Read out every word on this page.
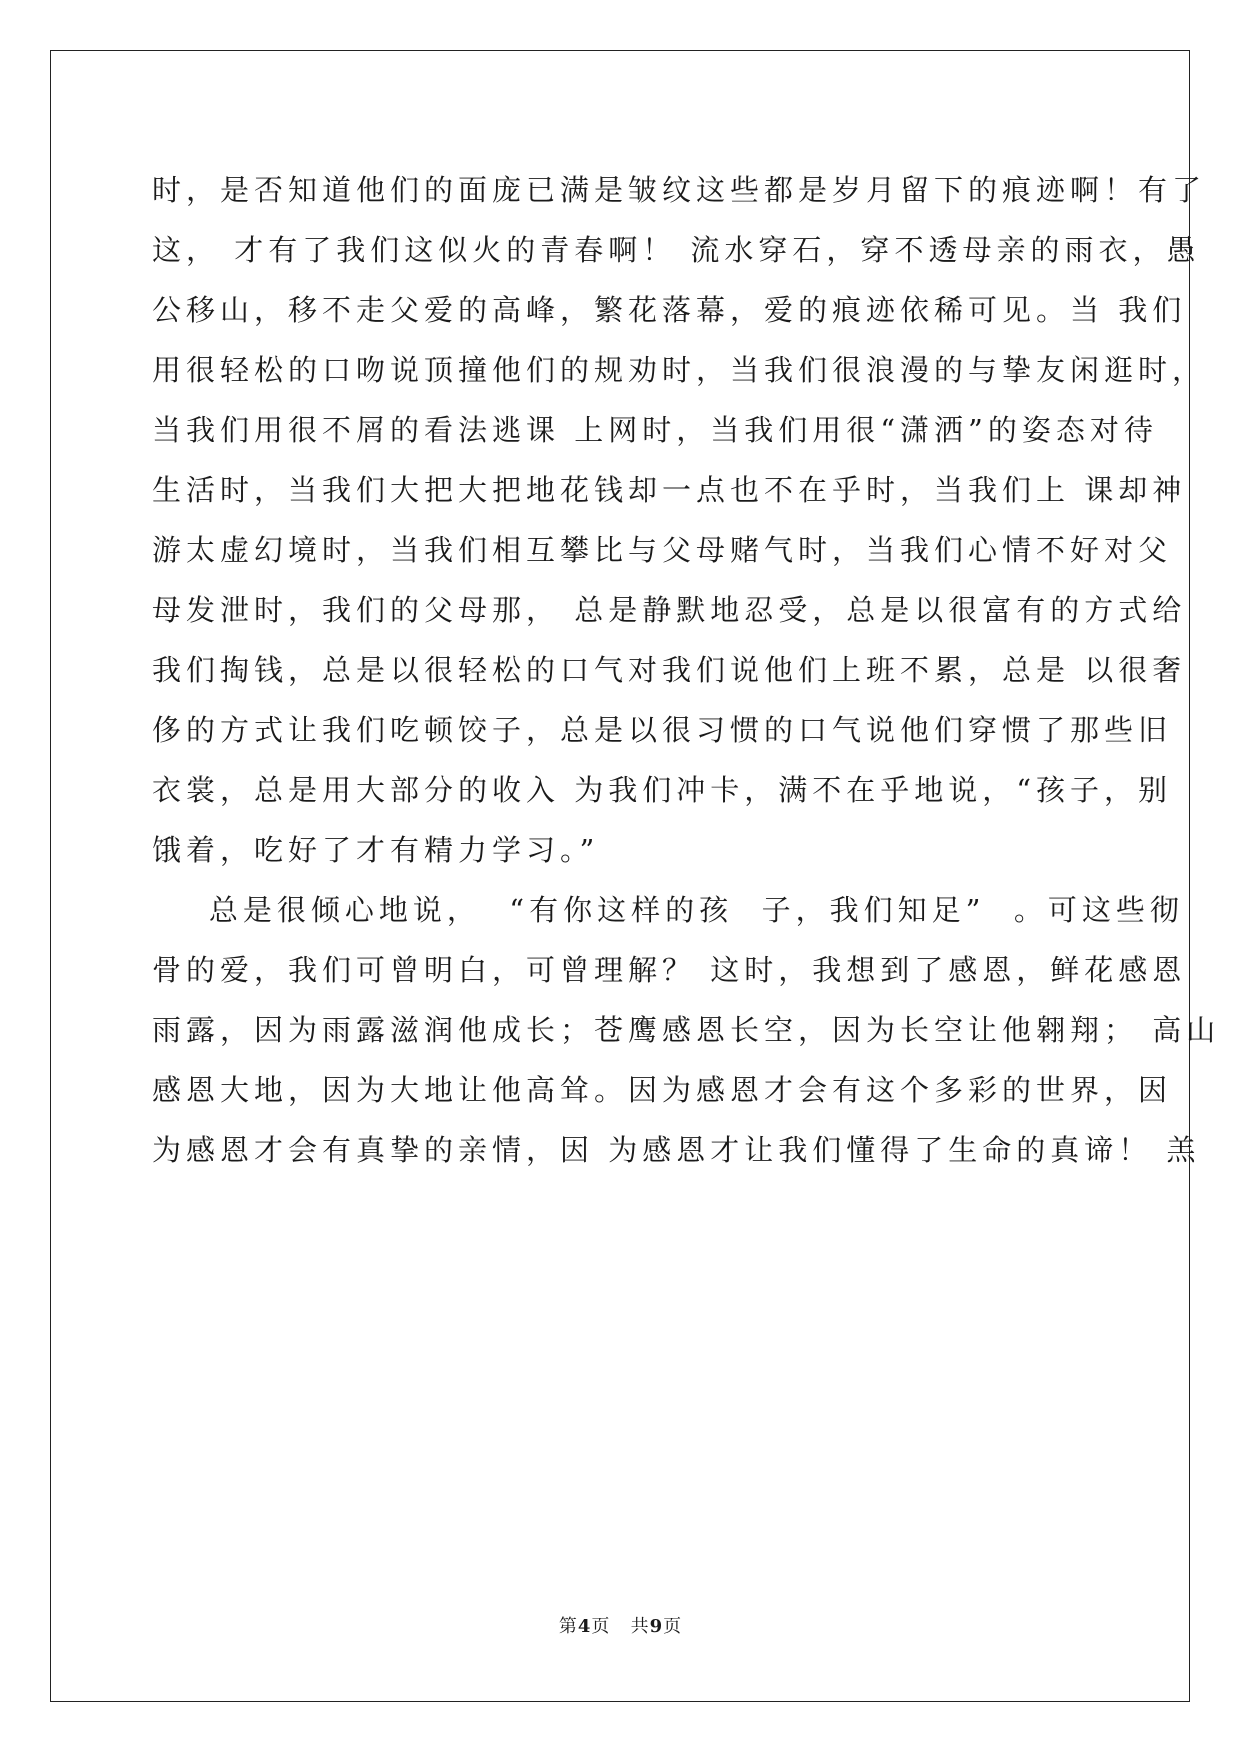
时，是否知道他们的面庞已满是皱纹这些都是岁月留下的痕迹啊！有了
这， 才有了我们这似火的青春啊！ 流水穿石，穿不透母亲的雨衣，愚
公移山，移不走父爱的高峰，繁花落幕，爱的痕迹依稀可见。当 我们
用很轻松的口吻说顶撞他们的规劝时，当我们很浪漫的与挚友闲逛时，
当我们用很不屑的看法逃课 上网时，当我们用很“潇洒”的姿态对待
生活时，当我们大把大把地花钱却一点也不在乎时，当我们上 课却神
游太虚幻境时，当我们相互攀比与父母赌气时，当我们心情不好对父
母发泄时，我们的父母那， 总是静默地忍受，总是以很富有的方式给
我们掏钱，总是以很轻松的口气对我们说他们上班不累，总是 以很奢
侈的方式让我们吃顿饺子，总是以很习惯的口气说他们穿惯了那些旧
衣裳，总是用大部分的收入 为我们冲卡，满不在乎地说，“孩子，别
饿着，吃好了才有精力学习。”
总是很倾心地说，  “有你这样的孩  子，我们知足”  。可这些彻
骨的爱，我们可曾明白，可曾理解？ 这时，我想到了感恩，鲜花感恩
雨露，因为雨露滋润他成长；苍鹰感恩长空，因为长空让他翱翔； 高山
感恩大地，因为大地让他高耸。因为感恩才会有这个多彩的世界，因
为感恩才会有真挚的亲情，因 为感恩才让我们懂得了生命的真谛！ 羔
第4页   共9页
